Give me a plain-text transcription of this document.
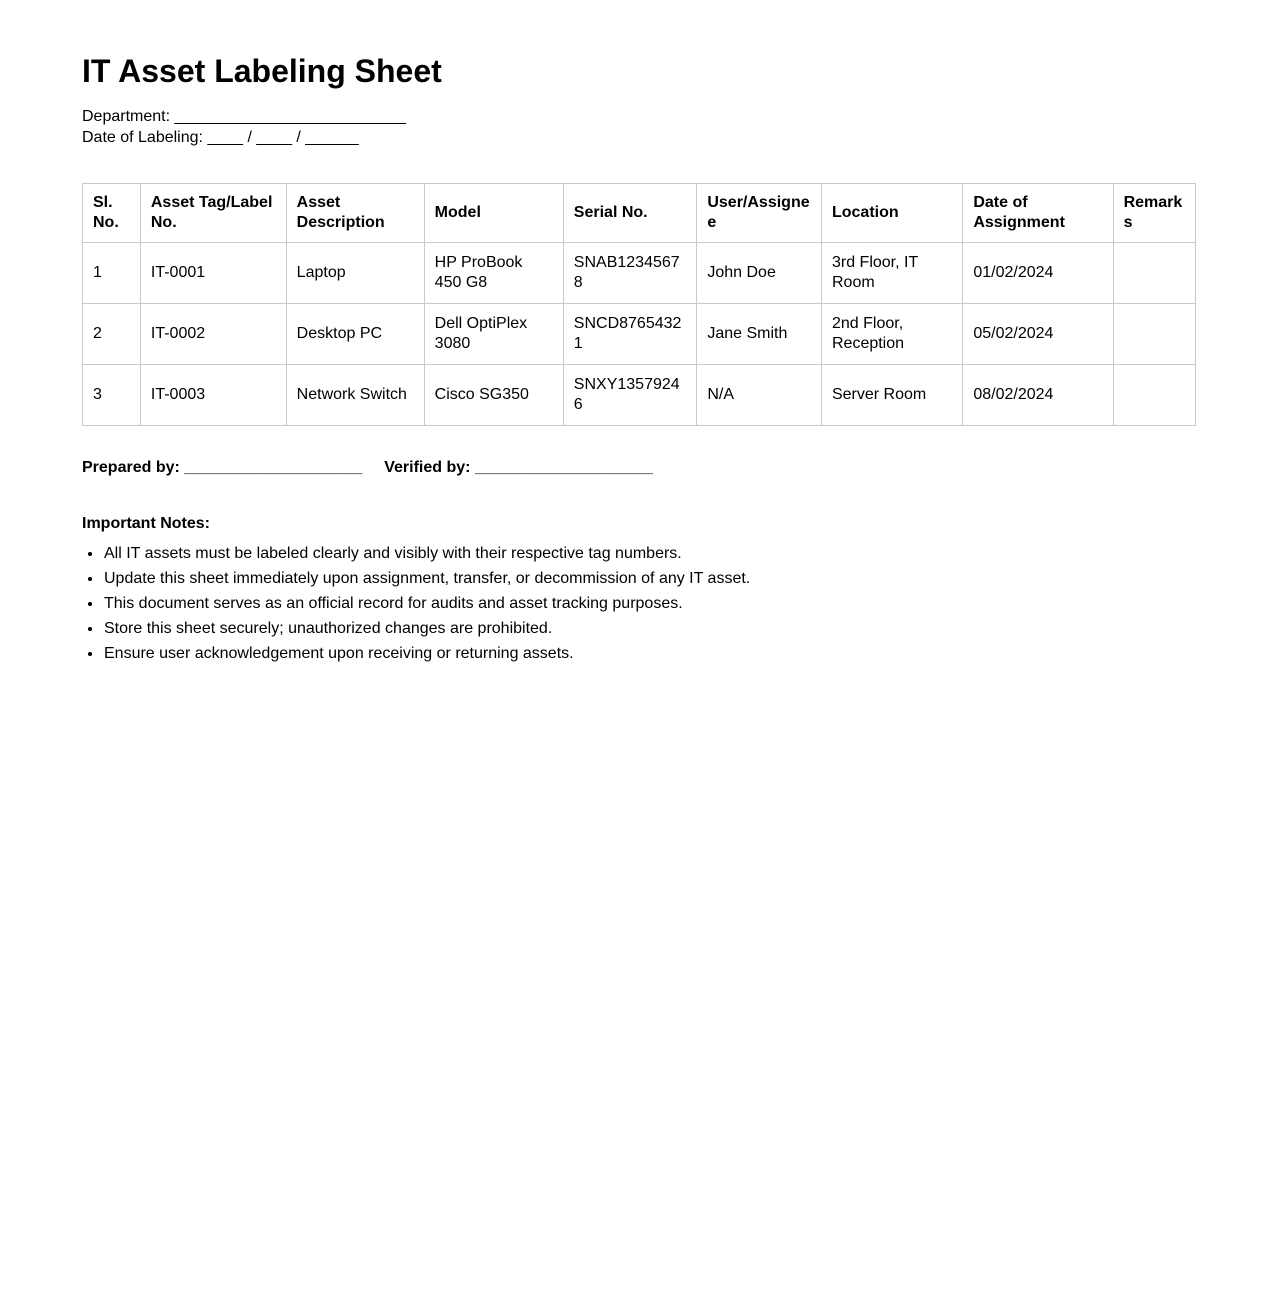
IT Asset Labeling Sheet

Department: __________________________

Date of Labeling: ____ / ____ / ______

Sl. No.	Asset Tag/Label No.	Asset Description	Model	Serial No.	User/Assignee	Location	Date of Assignment	Remarks
1	IT-0001	Laptop	HP ProBook 450 G8	SNAB12345678	John Doe	3rd Floor, IT Room	01/02/2024	
2	IT-0002	Desktop PC	Dell OptiPlex 3080	SNCD87654321	Jane Smith	2nd Floor, Reception	05/02/2024	
3	IT-0003	Network Switch	Cisco SG350	SNXY13579246	N/A	Server Room	08/02/2024	

Prepared by: ____________________ Verified by: ____________________

Important Notes:

• All IT assets must be labeled clearly and visibly with their respective tag numbers.
• Update this sheet immediately upon assignment, transfer, or decommission of any IT asset.
• This document serves as an official record for audits and asset tracking purposes.
• Store this sheet securely; unauthorized changes are prohibited.
• Ensure user acknowledgement upon receiving or returning assets.
